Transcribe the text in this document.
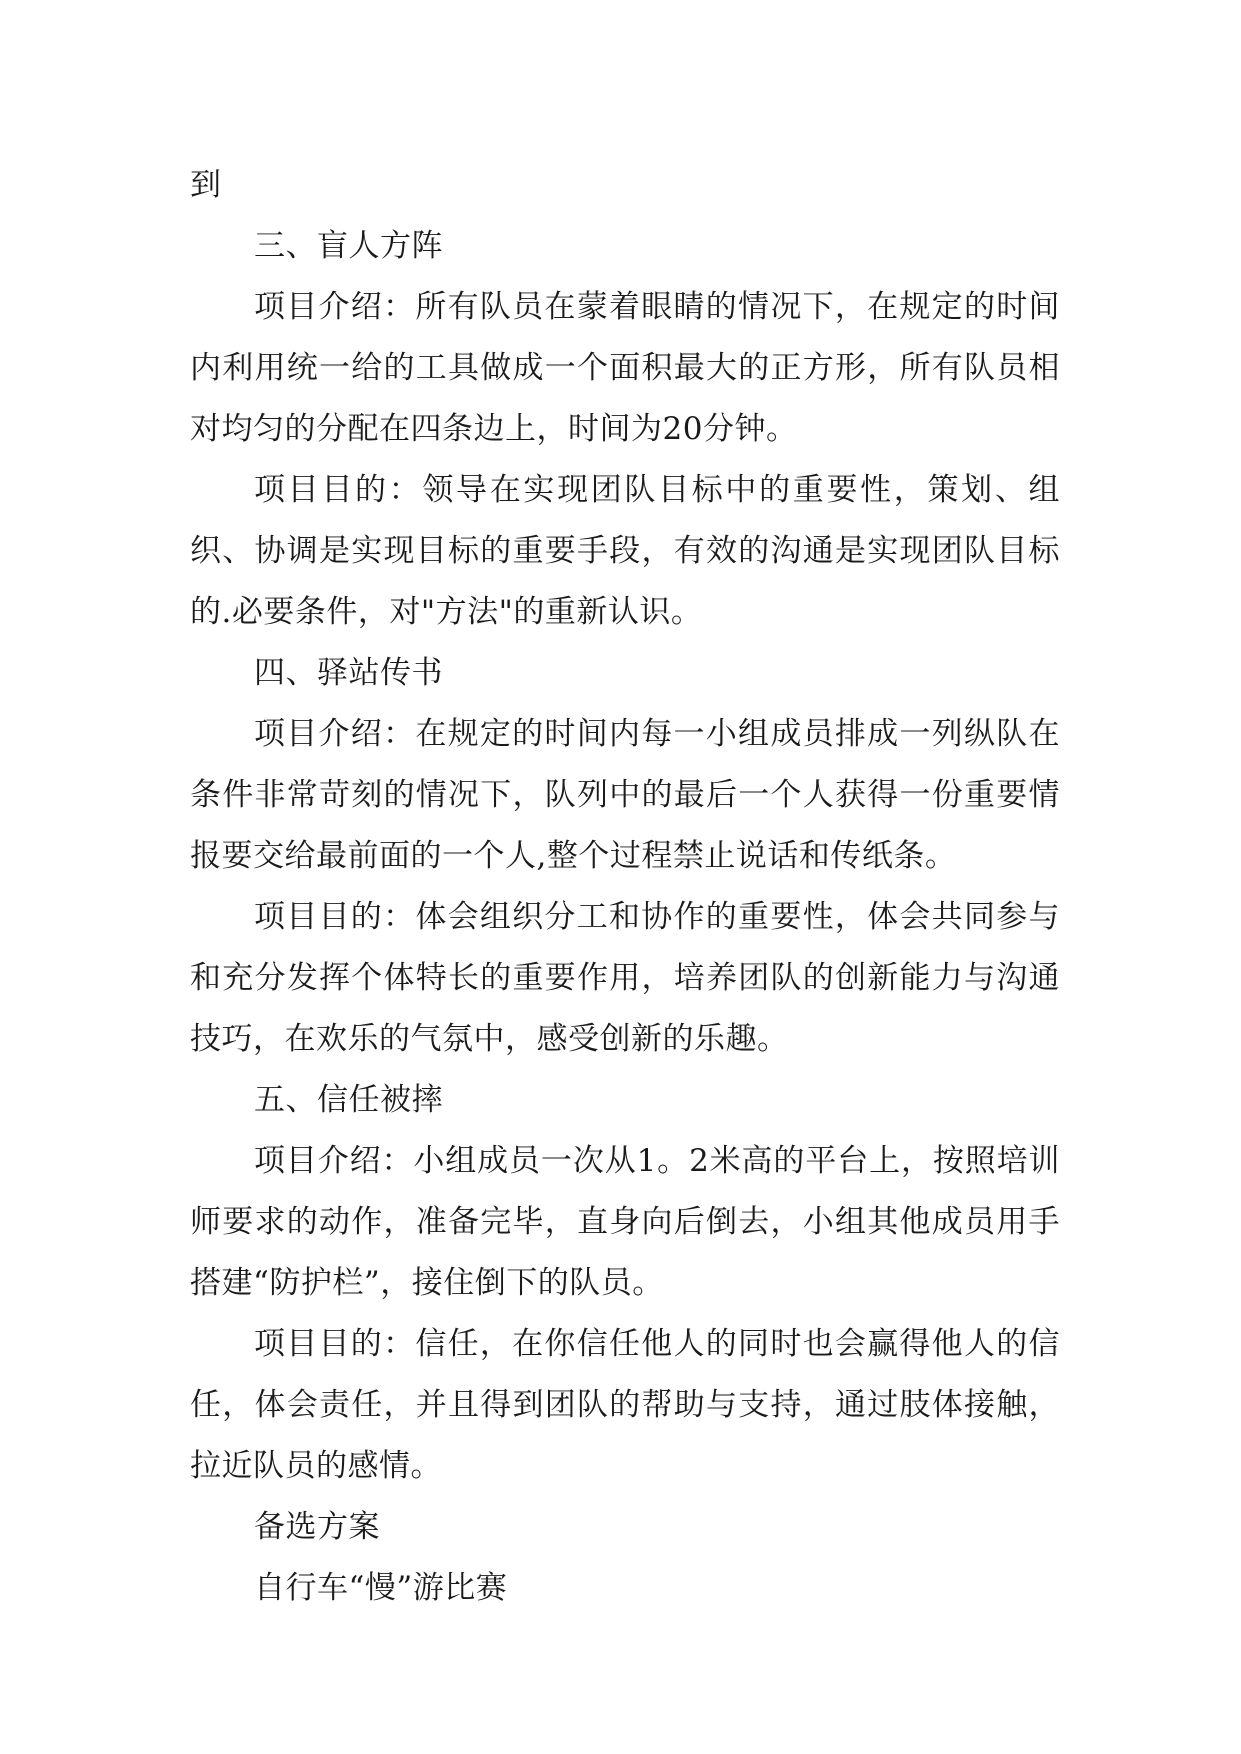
到

三、盲人方阵

项目介绍：所有队员在蒙着眼睛的情况下，在规定的时间内利用统一给的工具做成一个面积最大的正方形，所有队员相对均匀的分配在四条边上，时间为20分钟。

项目目的：领导在实现团队目标中的重要性，策划、组织、协调是实现目标的重要手段，有效的沟通是实现团队目标的.必要条件，对"方法"的重新认识。

四、驿站传书

项目介绍：在规定的时间内每一小组成员排成一列纵队在条件非常苛刻的情况下，队列中的最后一个人获得一份重要情报要交给最前面的一个人,整个过程禁止说话和传纸条。

项目目的：体会组织分工和协作的重要性，体会共同参与和充分发挥个体特长的重要作用，培养团队的创新能力与沟通技巧，在欢乐的气氛中，感受创新的乐趣。

五、信任被摔

项目介绍：小组成员一次从1。2米高的平台上，按照培训师要求的动作，准备完毕，直身向后倒去，小组其他成员用手搭建“防护栏”，接住倒下的队员。

项目目的：信任，在你信任他人的同时也会赢得他人的信任，体会责任，并且得到团队的帮助与支持，通过肢体接触，拉近队员的感情。

备选方案

自行车“慢”游比赛
